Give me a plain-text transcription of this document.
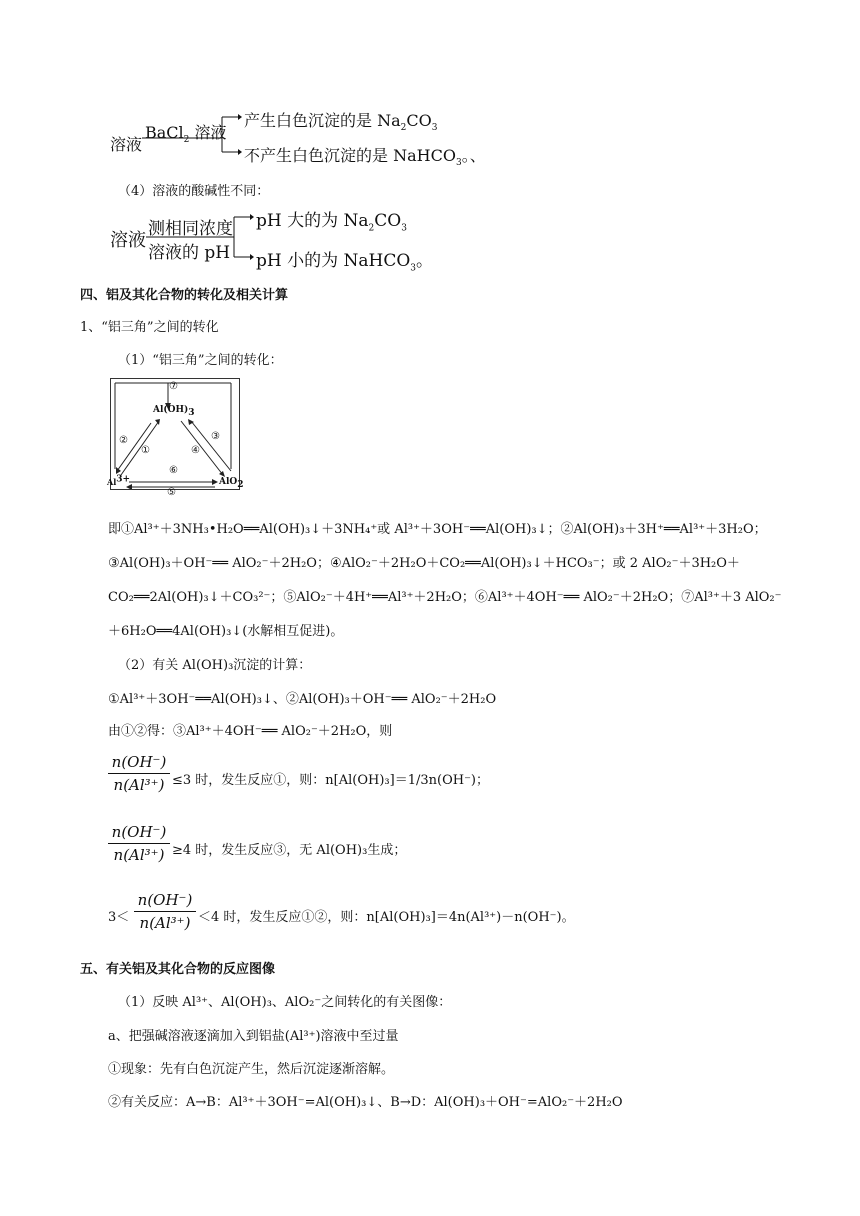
溶液
BaCl$_2$ 溶液
产生白色沉淀的是 $Na_2CO_3$
不产生白色沉淀的是 NaHCO$_3$。、
（4）溶液的酸碱性不同：
溶液
测相同浓度
溶液的 pH
pH 大的为 $Na_2CO_3$
pH 小的为 NaHCO$_3$。
四、铝及其化合物的转化及相关计算
1、“铝三角”之间的转化
（1）“铝三角”之间的转化：
⑦
$Al(OH)_3$
②
①
⑥
④
③
⑤
$Al^{3+}$	AlO$_2$
即①Al³⁺＋3NH₃•H₂O══Al(OH)₃↓＋3NH₄⁺或 Al³⁺＋3OH⁻══Al(OH)₃↓；②Al(OH)₃＋3H⁺══Al³⁺＋3H₂O；
③Al(OH)₃＋OH⁻══ AlO₂⁻＋2H₂O；④AlO₂⁻＋2H₂O＋CO₂══Al(OH)₃↓＋HCO₃⁻；或 2 AlO₂⁻＋3H₂O＋
CO₂══2Al(OH)₃↓＋CO₃²⁻；⑤AlO₂⁻＋4H⁺══Al³⁺＋2H₂O；⑥Al³⁺＋4OH⁻══ AlO₂⁻＋2H₂O；⑦Al³⁺＋3 AlO₂⁻
＋6H₂O══4Al(OH)₃↓(水解相互促进)。
（2）有关 Al(OH)₃沉淀的计算：
①Al³⁺＋3OH⁻══Al(OH)₃↓、②Al(OH)₃＋OH⁻══ AlO₂⁻＋2H₂O
由①②得：③Al³⁺＋4OH⁻══ AlO₂⁻＋2H₂O，则
n(OH⁻)
n(Al³⁺) ≤3 时，发生反应①，则：n[Al(OH)₃]＝1/3n(OH⁻)；
n(OH⁻)
n(Al³⁺) ≥4 时，发生反应③，无 Al(OH)₃生成；
3＜
n(OH⁻)
n(Al³⁺) ＜4 时，发生反应①②，则：n[Al(OH)₃]＝4n(Al³⁺)－n(OH⁻)。
五、有关铝及其化合物的反应图像
（1）反映 Al³⁺、Al(OH)₃、AlO₂⁻之间转化的有关图像：
a、把强碱溶液逐滴加入到铝盐(Al³⁺)溶液中至过量
①现象：先有白色沉淀产生，然后沉淀逐渐溶解。
②有关反应：A→B：Al³⁺＋3OH⁻=Al(OH)₃↓、B→D：Al(OH)₃＋OH⁻=AlO₂⁻＋2H₂O
